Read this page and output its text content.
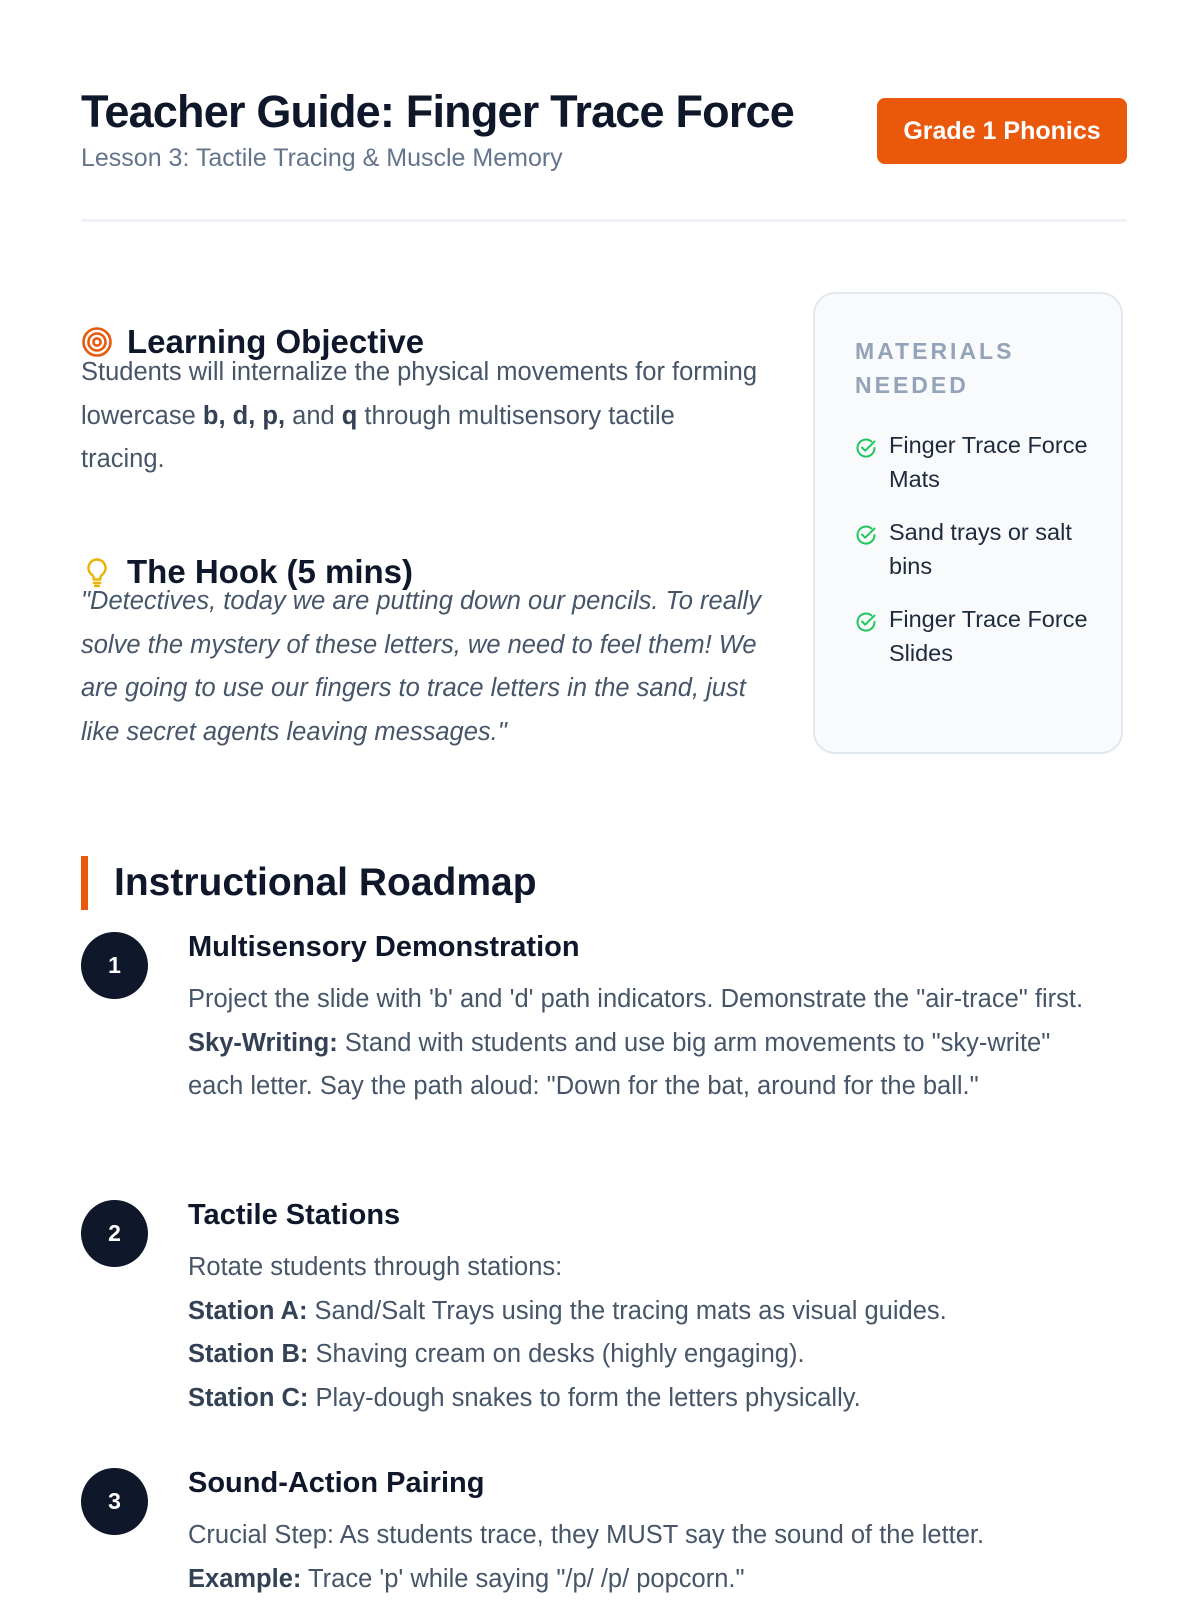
Teacher Guide: Finger Trace Force

Lesson 3: Tactile Tracing & Muscle Memory

Grade 1 Phonics
Learning Objective

Students will internalize the physical movements for forming lowercase b, d, p, and q through multisensory tactile tracing.

The Hook (5 mins)

"Detectives, today we are putting down our pencils. To really solve the mystery of these letters, we need to feel them! We are going to use our fingers to trace letters in the sand, just like secret agents leaving messages."

MATERIALS NEEDED
Finger Trace Force Mats
Sand trays or salt bins
Finger Trace Force Slides
Instructional Roadmap
1
Multisensory Demonstration

Project the slide with 'b' and 'd' path indicators. Demonstrate the "air-trace" first.

Sky-Writing: Stand with students and use big arm movements to "sky-write" each letter. Say the path aloud: "Down for the bat, around for the ball."

2
Tactile Stations

Rotate students through stations:

Station A: Sand/Salt Trays using the tracing mats as visual guides.

Station B: Shaving cream on desks (highly engaging).

Station C: Play-dough snakes to form the letters physically.

3
Sound-Action Pairing

Crucial Step: As students trace, they MUST say the sound of the letter.

Example: Trace 'p' while saying "/p/ /p/ popcorn."
